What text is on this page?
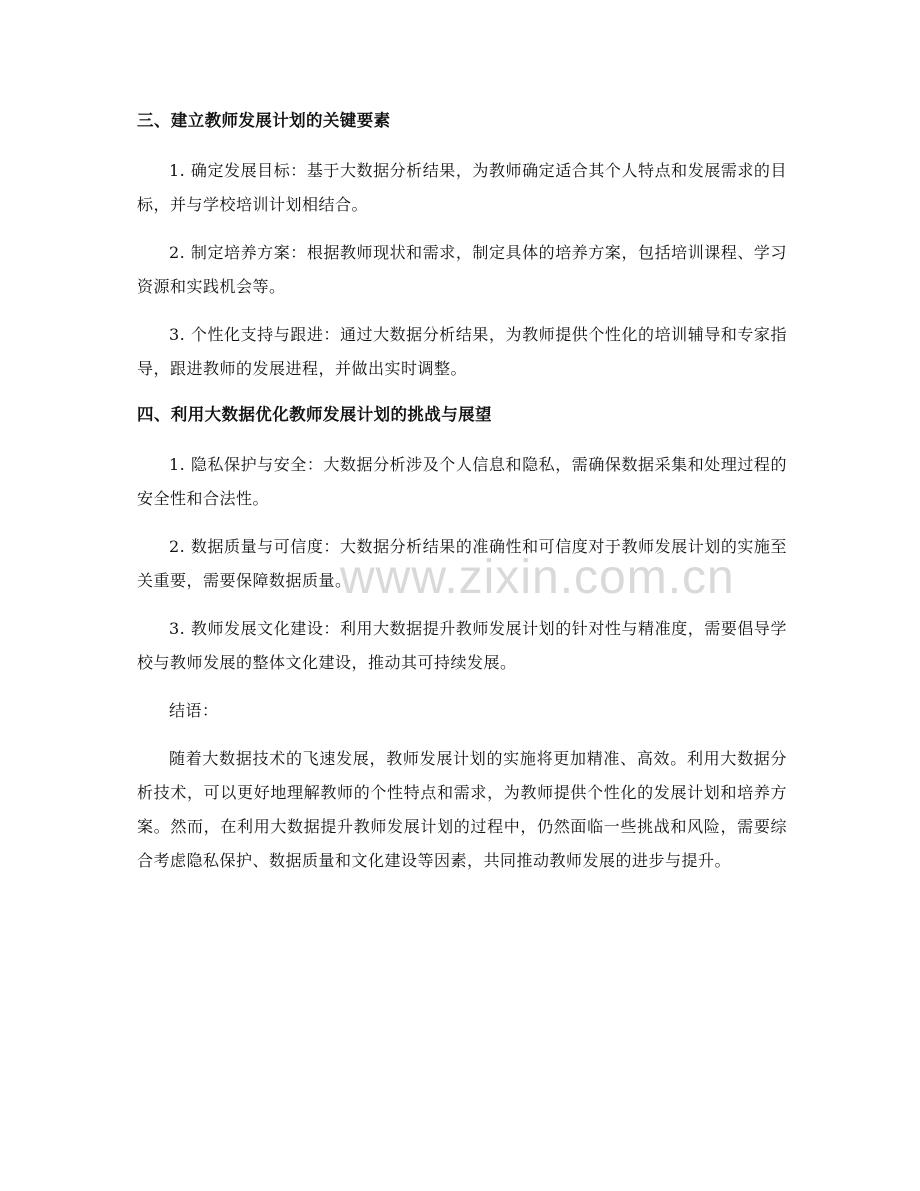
www.zixin.com.cn
三、建立教师发展计划的关键要素

1. 确定发展目标：基于大数据分析结果，为教师确定适合其个人特点和发展需求的目标，并与学校培训计划相结合。

2. 制定培养方案：根据教师现状和需求，制定具体的培养方案，包括培训课程、学习资源和实践机会等。

3. 个性化支持与跟进：通过大数据分析结果，为教师提供个性化的培训辅导和专家指导，跟进教师的发展进程，并做出实时调整。

四、利用大数据优化教师发展计划的挑战与展望

1. 隐私保护与安全：大数据分析涉及个人信息和隐私，需确保数据采集和处理过程的安全性和合法性。

2. 数据质量与可信度：大数据分析结果的准确性和可信度对于教师发展计划的实施至关重要，需要保障数据质量。

3. 教师发展文化建设：利用大数据提升教师发展计划的针对性与精准度，需要倡导学校与教师发展的整体文化建设，推动其可持续发展。

结语：

随着大数据技术的飞速发展，教师发展计划的实施将更加精准、高效。利用大数据分析技术，可以更好地理解教师的个性特点和需求，为教师提供个性化的发展计划和培养方案。然而，在利用大数据提升教师发展计划的过程中，仍然面临一些挑战和风险，需要综合考虑隐私保护、数据质量和文化建设等因素，共同推动教师发展的进步与提升。
